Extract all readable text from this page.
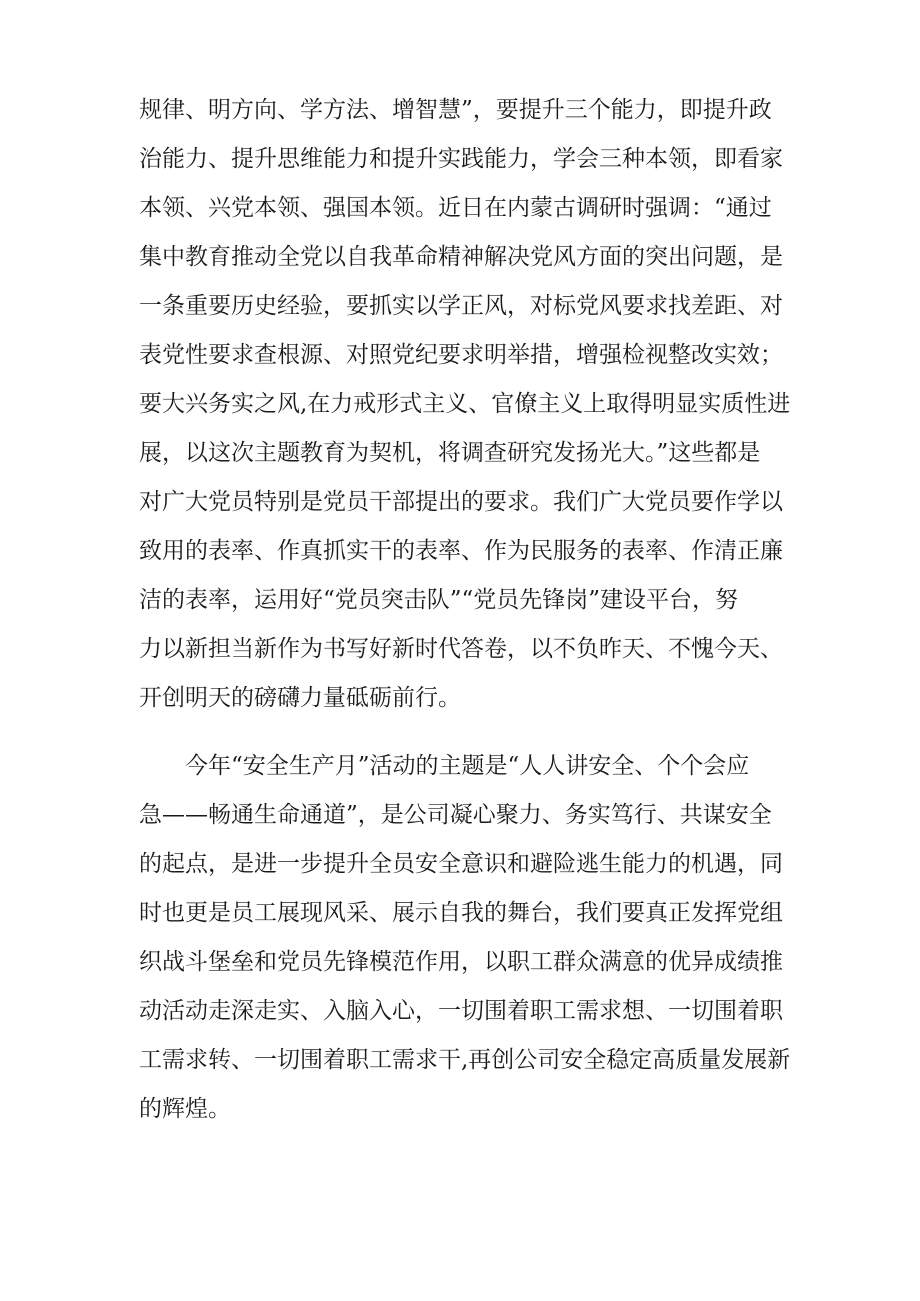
规律、明方向、学方法、增智慧”，要提升三个能力，即提升政
治能力、提升思维能力和提升实践能力，学会三种本领，即看家
本领、兴党本领、强国本领。近日在内蒙古调研时强调：“通过
集中教育推动全党以自我革命精神解决党风方面的突出问题，是
一条重要历史经验，要抓实以学正风，对标党风要求找差距、对
表党性要求查根源、对照党纪要求明举措，增强检视整改实效；
要大兴务实之风,在力戒形式主义、官僚主义上取得明显实质性进
展，以这次主题教育为契机，将调查研究发扬光大。”这些都是
对广大党员特别是党员干部提出的要求。我们广大党员要作学以
致用的表率、作真抓实干的表率、作为民服务的表率、作清正廉
洁的表率，运用好“党员突击队”“党员先锋岗”建设平台，努
力以新担当新作为书写好新时代答卷，以不负昨天、不愧今天、
开创明天的磅礴力量砥砺前行。
今年“安全生产月”活动的主题是“人人讲安全、个个会应
急——畅通生命通道”，是公司凝心聚力、务实笃行、共谋安全
的起点，是进一步提升全员安全意识和避险逃生能力的机遇，同
时也更是员工展现风采、展示自我的舞台，我们要真正发挥党组
织战斗堡垒和党员先锋模范作用，以职工群众满意的优异成绩推
动活动走深走实、入脑入心，一切围着职工需求想、一切围着职
工需求转、一切围着职工需求干,再创公司安全稳定高质量发展新
的辉煌。
